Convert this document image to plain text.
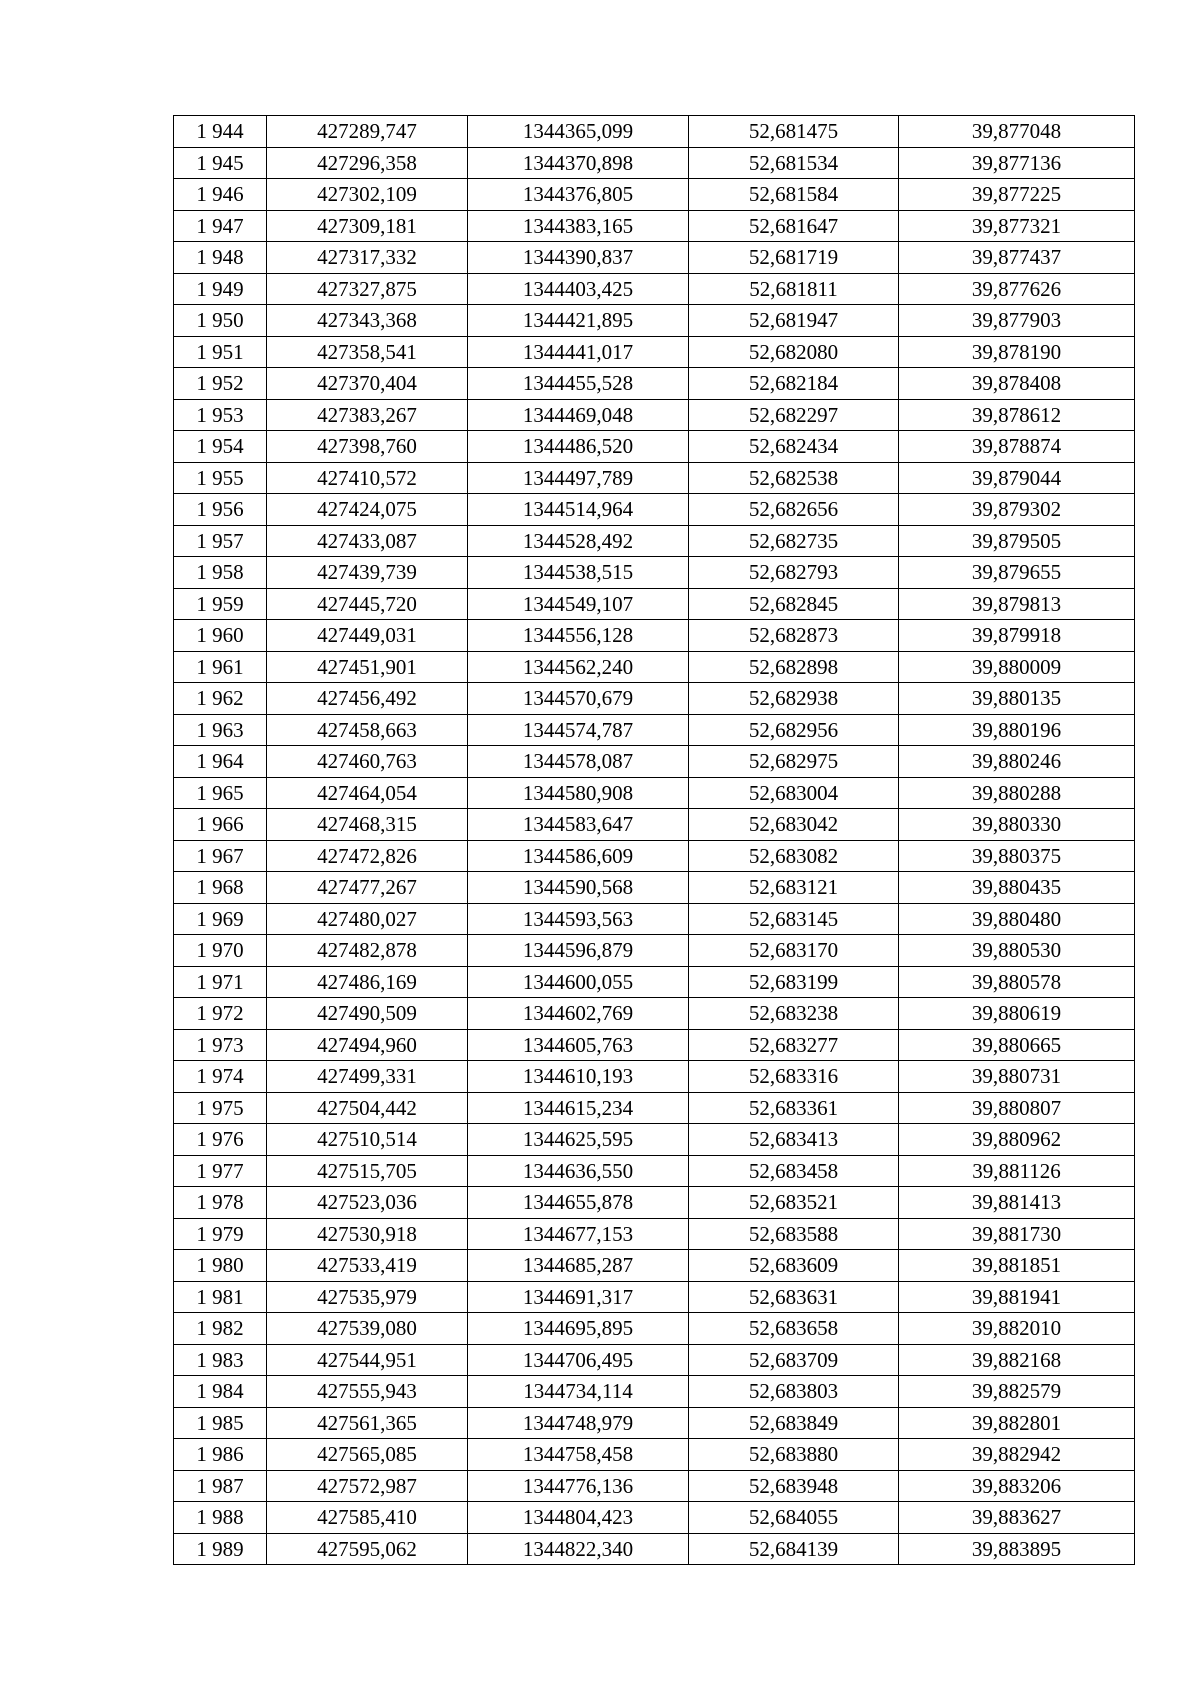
1 944	427289,747	1344365,099	52,681475	39,877048
1 945	427296,358	1344370,898	52,681534	39,877136
1 946	427302,109	1344376,805	52,681584	39,877225
1 947	427309,181	1344383,165	52,681647	39,877321
1 948	427317,332	1344390,837	52,681719	39,877437
1 949	427327,875	1344403,425	52,681811	39,877626
1 950	427343,368	1344421,895	52,681947	39,877903
1 951	427358,541	1344441,017	52,682080	39,878190
1 952	427370,404	1344455,528	52,682184	39,878408
1 953	427383,267	1344469,048	52,682297	39,878612
1 954	427398,760	1344486,520	52,682434	39,878874
1 955	427410,572	1344497,789	52,682538	39,879044
1 956	427424,075	1344514,964	52,682656	39,879302
1 957	427433,087	1344528,492	52,682735	39,879505
1 958	427439,739	1344538,515	52,682793	39,879655
1 959	427445,720	1344549,107	52,682845	39,879813
1 960	427449,031	1344556,128	52,682873	39,879918
1 961	427451,901	1344562,240	52,682898	39,880009
1 962	427456,492	1344570,679	52,682938	39,880135
1 963	427458,663	1344574,787	52,682956	39,880196
1 964	427460,763	1344578,087	52,682975	39,880246
1 965	427464,054	1344580,908	52,683004	39,880288
1 966	427468,315	1344583,647	52,683042	39,880330
1 967	427472,826	1344586,609	52,683082	39,880375
1 968	427477,267	1344590,568	52,683121	39,880435
1 969	427480,027	1344593,563	52,683145	39,880480
1 970	427482,878	1344596,879	52,683170	39,880530
1 971	427486,169	1344600,055	52,683199	39,880578
1 972	427490,509	1344602,769	52,683238	39,880619
1 973	427494,960	1344605,763	52,683277	39,880665
1 974	427499,331	1344610,193	52,683316	39,880731
1 975	427504,442	1344615,234	52,683361	39,880807
1 976	427510,514	1344625,595	52,683413	39,880962
1 977	427515,705	1344636,550	52,683458	39,881126
1 978	427523,036	1344655,878	52,683521	39,881413
1 979	427530,918	1344677,153	52,683588	39,881730
1 980	427533,419	1344685,287	52,683609	39,881851
1 981	427535,979	1344691,317	52,683631	39,881941
1 982	427539,080	1344695,895	52,683658	39,882010
1 983	427544,951	1344706,495	52,683709	39,882168
1 984	427555,943	1344734,114	52,683803	39,882579
1 985	427561,365	1344748,979	52,683849	39,882801
1 986	427565,085	1344758,458	52,683880	39,882942
1 987	427572,987	1344776,136	52,683948	39,883206
1 988	427585,410	1344804,423	52,684055	39,883627
1 989	427595,062	1344822,340	52,684139	39,883895
